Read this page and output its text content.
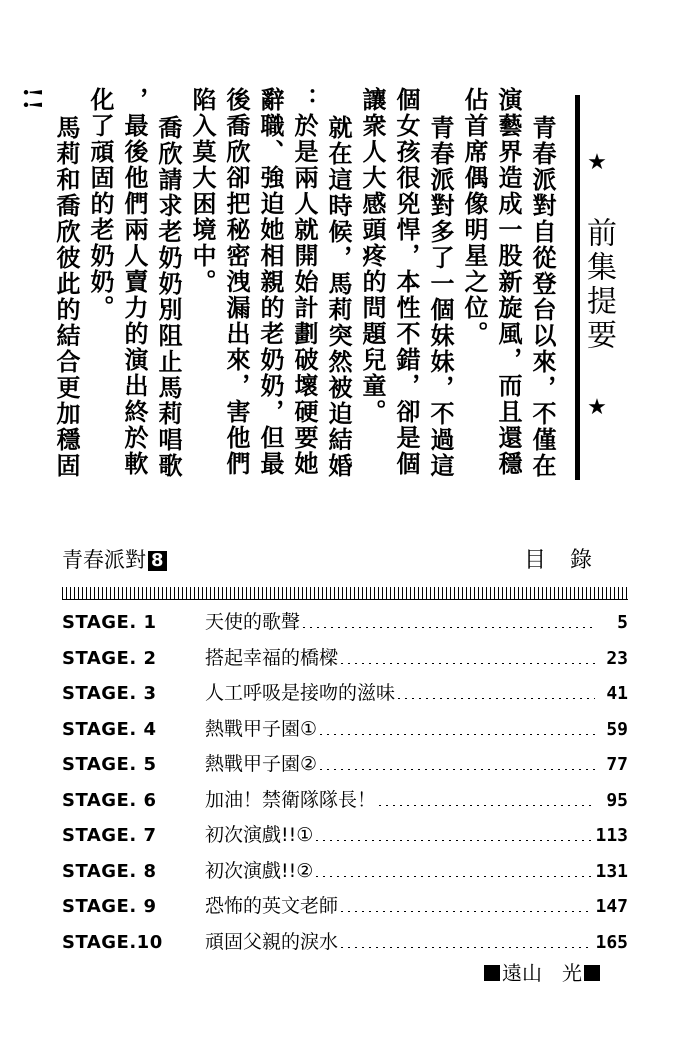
★
前集提要
★
青春派對自從登台以來，不僅在
演藝界造成一股新旋風，而且還穩
佔首席偶像明星之位。
青春派對多了一個妹妹，不過這
個女孩很兇悍，本性不錯，卻是個
讓衆人大感頭疼的問題兒童。
就在這時候，馬莉突然被迫結婚
：於是兩人就開始計劃破壞硬要她
辭職、強迫她相親的老奶奶，但最
後喬欣卻把秘密洩漏出來，害他們
陷入莫大困境中。
喬欣請求老奶奶別阻止馬莉唱歌
，最後他們兩人賣力的演出終於軟
化了頑固的老奶奶。
馬莉和喬欣彼此的結合更加穩固
!!
青春派對 8	目錄
STAGE. 1	天使的歌聲	5
STAGE. 2	搭起幸福的橋樑	23
STAGE. 3	人工呼吸是接吻的滋味	41
STAGE. 4	熱戰甲子園①	59
STAGE. 5	熱戰甲子園②	77
STAGE. 6	加油！禁衛隊隊長！	95
STAGE. 7	初次演戲!!①	113
STAGE. 8	初次演戲!!②	131
STAGE. 9	恐怖的英文老師	147
STAGE.10	頑固父親的淚水	165
遠山　光
